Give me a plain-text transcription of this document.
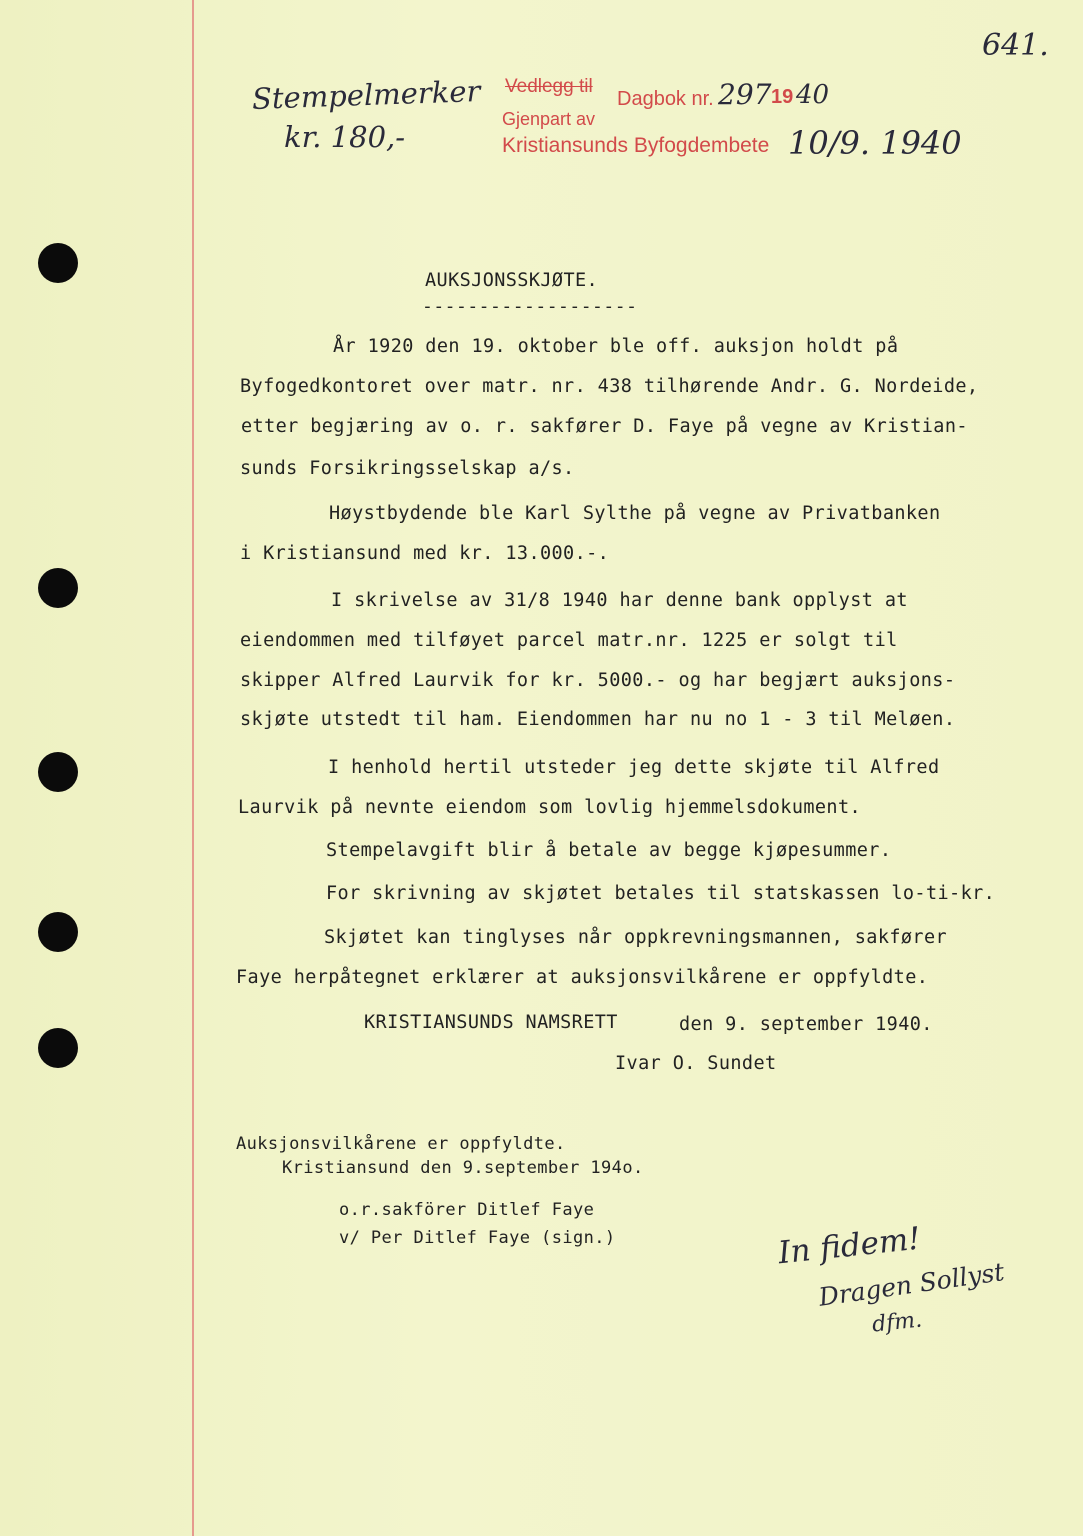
641.
Stempelmerker
kr. 180,-
Vedlegg til
Dagbok nr. 297 19 40
Gjenpart av
Kristiansunds Byfogdembete 10/9. 1940
AUKSJONSSKJØTE.
-------------------
År 1920 den 19. oktober ble off. auksjon holdt på
Byfogedkontoret over matr. nr. 438 tilhørende Andr. G. Nordeide,
etter begjæring av o. r. sakfører D. Faye på vegne av Kristian-
sunds Forsikringsselskap a/s.
Høystbydende ble Karl Sylthe på vegne av Privatbanken
i Kristiansund med kr. 13.000.-.
I skrivelse av 31/8 1940 har denne bank opplyst at
eiendommen med tilføyet parcel matr.nr. 1225 er solgt til
skipper Alfred Laurvik for kr. 5000.- og har begjært auksjons-
skjøte utstedt til ham. Eiendommen har nu no 1 - 3 til Meløen.
I henhold hertil utsteder jeg dette skjøte til Alfred
Laurvik på nevnte eiendom som lovlig hjemmelsdokument.
Stempelavgift blir å betale av begge kjøpesummer.
For skrivning av skjøtet betales til statskassen lo-ti-kr.
Skjøtet kan tinglyses når oppkrevningsmannen, sakfører
Faye herpåtegnet erklærer at auksjonsvilkårene er oppfyldte.
KRISTIANSUNDS NAMSRETT	den 9. september 1940.
Ivar O. Sundet
Auksjonsvilkårene er oppfyldte.
Kristiansund den 9.september 194o.
o.r.sakförer Ditlef Faye
v/ Per Ditlef Faye (sign.)	In fidem!
Dragen Sollyst
dfm.
